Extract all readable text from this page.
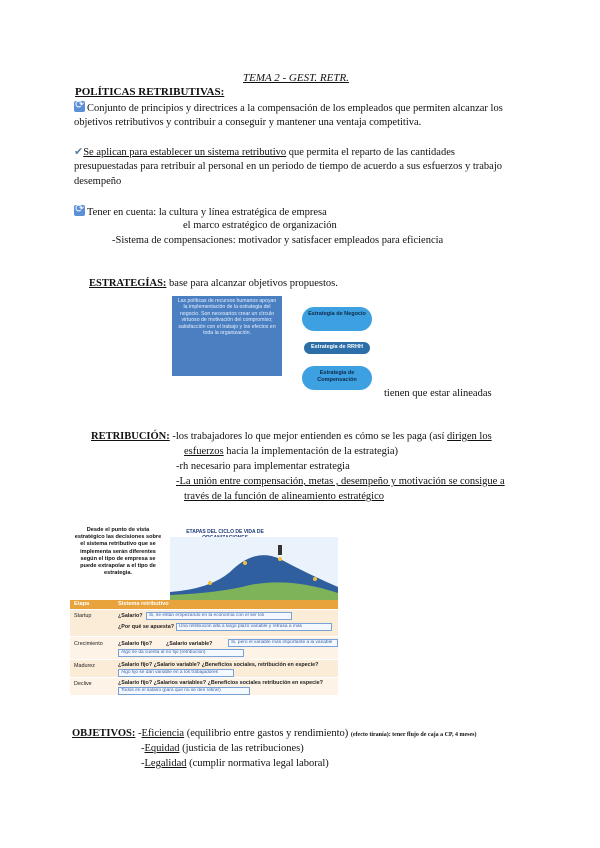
TEMA 2 - GEST. RETR.
POLÍTICAS RETRIBUTIVAS:
⟳Conjunto de principios y directrices a la compensación de los empleados que permiten alcanzar los
objetivos retributivos y contribuir a conseguir y mantener una ventaja competitiva.
✔Se aplican para establecer un sistema retributivo que permita el reparto de las cantidades
presupuestadas para retribuir al personal en un periodo de tiempo de acuerdo a sus esfuerzos y trabajo
desempeño
⟳Tener en cuenta: la cultura y línea estratégica de empresa
el marco estratégico de organización
-Sistema de compensaciones: motivador y satisfacer empleados para eficiencia
ESTRATEGÍAS: base para alcanzar objetivos propuestos.
Las políticas de recursos humanos apoyan la implementación de la estrategia del negocio. Son necesarios crear un círculo virtuoso de motivación del compromiso; satisfacción con el trabajo y los efectos en toda la organización.
Estrategia de Negocio
Estrategia de RRHH
Estrategia de Compensación
tienen que estar alineadas
RETRIBUCIÓN: -los trabajadores lo que mejor entienden es cómo se les paga (así dirigen los
esfuerzos hacia la implementación de la estrategia)
-rh necesario para implementar estrategia
-La unión entre compensación, metas , desempeño y motivación se consigue a
través de la función de alineamiento estratégico
Desde el punto de vista estratégico las decisiones sobre el sistema retributivo que se implementa serán diferentes según el tipo de empresa se puede extrapolar a el tipo de estrategia.
ETAPAS DEL CICLO DE VIDA DE
Etapa	Sistema retributivo
Startup	¿Salario?	Si, se están empezando en la economía con el ser los
¿Por qué se apuesta?	Una retribución alta a largo plazo variable y retrasa a más
Crecimiento	¿Salario fijo?	¿Salario variable?	Si, pero el variable más importante a la variable
Algo se da cuenta al no fijo (retribución)
Madurez	¿Salario fijo? ¿Salario variable? ¿Beneficios sociales, retribución en especie?
Algo fijo se dan variable en a los trabajadores
Declive	¿Salario fijo? ¿Salarios variables? ¿Beneficios sociales retribución en especie?
Todos en el salario (para que no se den retirar)
OBJETIVOS: -Eficiencia (equilibrio entre gastos y rendimiento) (efecto tiranía): tener flujo de caja a CP, 4 meses)
-Equidad (justicia de las retribuciones)
-Legalidad (cumplir normativa legal laboral)
